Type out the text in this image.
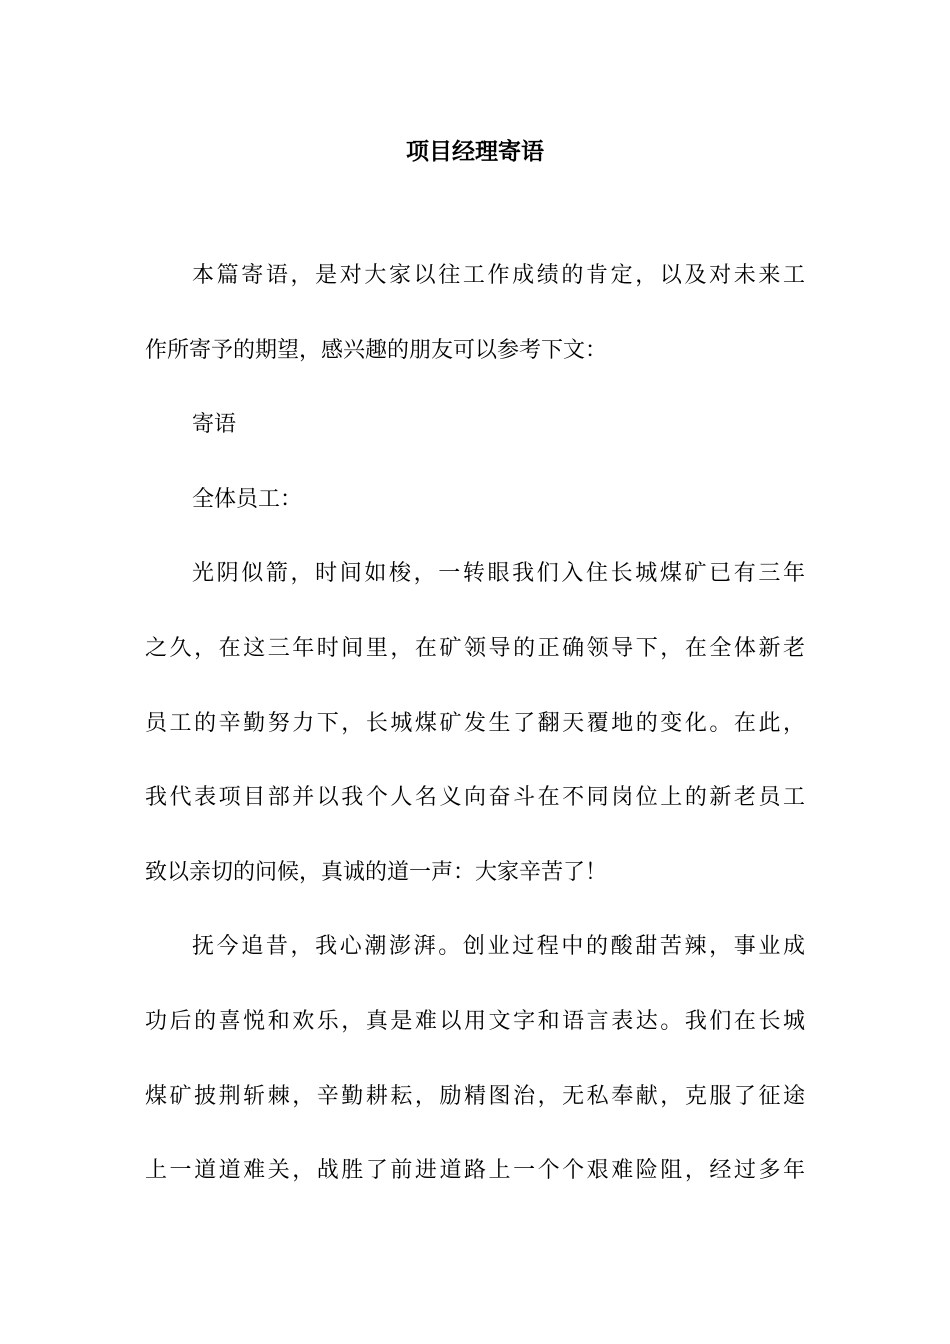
项目经理寄语
本篇寄语，是对大家以往工作成绩的肯定，以及对未来工
作所寄予的期望，感兴趣的朋友可以参考下文：
寄语
全体员工：
光阴似箭，时间如梭，一转眼我们入住长城煤矿已有三年
之久，在这三年时间里，在矿领导的正确领导下，在全体新老
员工的辛勤努力下，长城煤矿发生了翻天覆地的变化。在此，
我代表项目部并以我个人名义向奋斗在不同岗位上的新老员工
致以亲切的问候，真诚的道一声：大家辛苦了！
抚今追昔，我心潮澎湃。创业过程中的酸甜苦辣，事业成
功后的喜悦和欢乐，真是难以用文字和语言表达。我们在长城
煤矿披荆斩棘，辛勤耕耘，励精图治，无私奉献，克服了征途
上一道道难关，战胜了前进道路上一个个艰难险阻，经过多年
